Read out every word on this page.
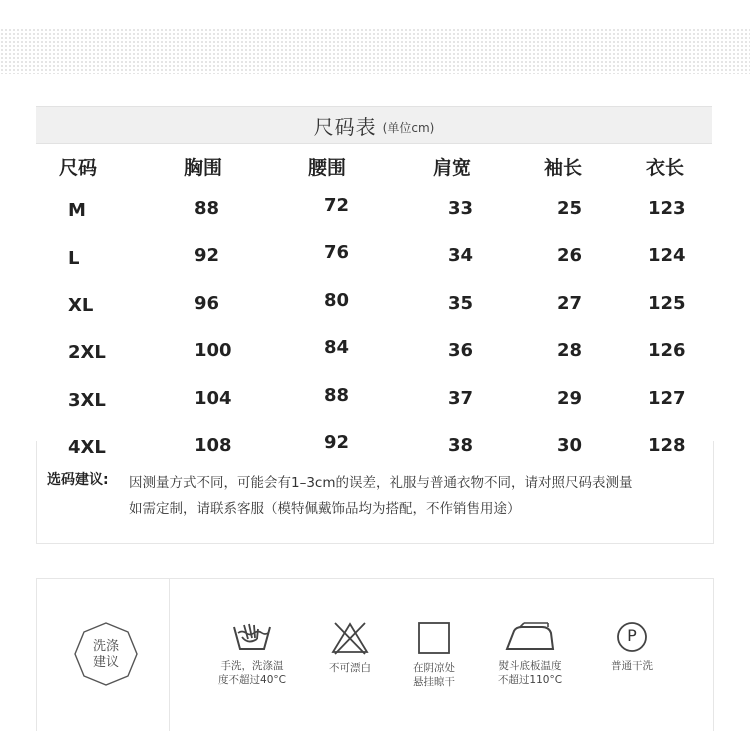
尺码表 (单位cm)
尺码	胸围	腰围	肩宽	袖长	衣长
M	88	72	33	25	123
L	92	76	34	26	124
XL	96	80	35	27	125
2XL	100	84	36	28	126
3XL	104	88	37	29	127
4XL	108	92	38	30	128
选码建议: 因测量方式不同，可能会有1–3cm的误差，礼服与普通衣物不同，请对照尺码表测量
如需定制，请联系客服（模特佩戴饰品均为搭配，不作销售用途）
洗涤
建议	手洗，洗涤温
度不超过40°C
不可漂白	在阴凉处
悬挂晾干
熨斗底板温度
不超过110°C
P
普通干洗
